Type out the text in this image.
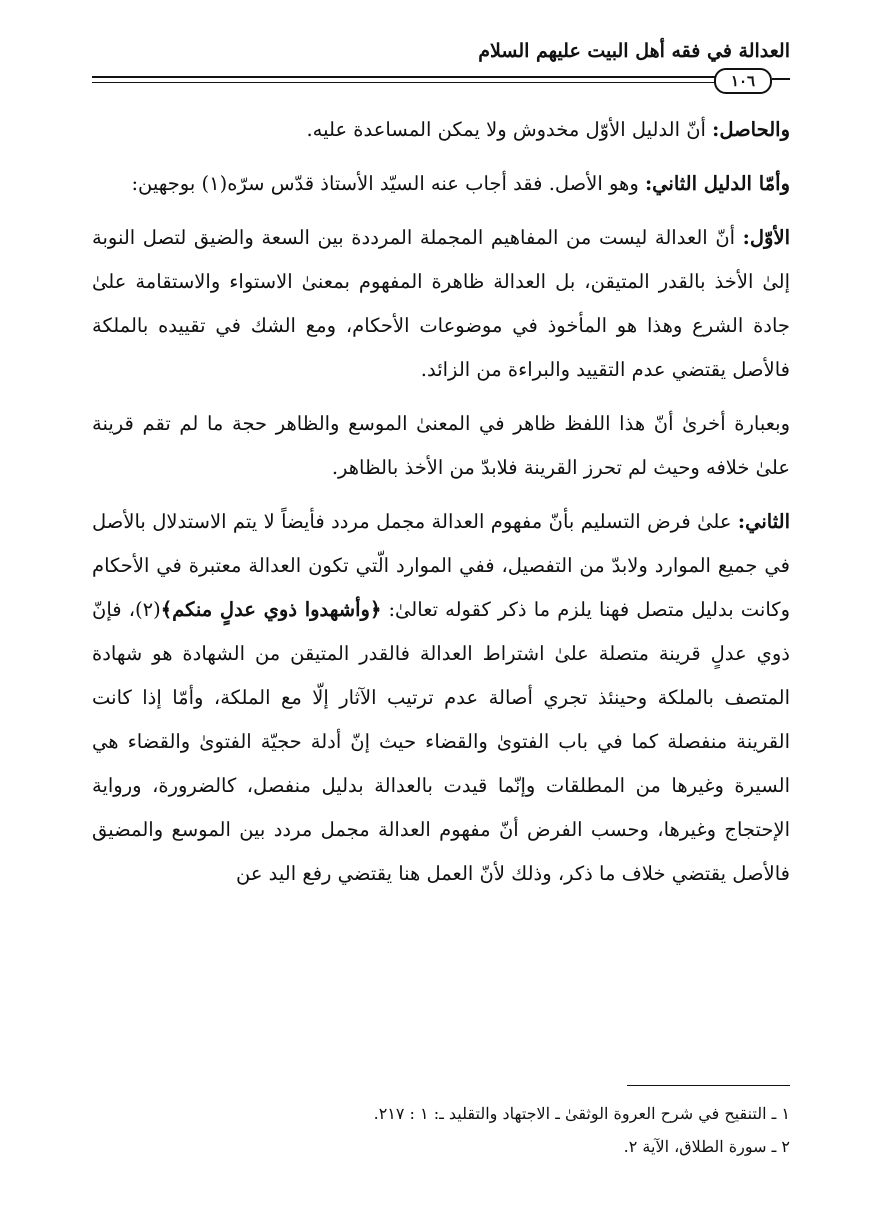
العدالة في فقه أهل البيت عليهم السلام
١٠٦

والحاصل: أنّ الدليل الأوّل مخدوش ولا يمكن المساعدة عليه.

وأمّا الدليل الثاني: وهو الأصل. فقد أجاب عنه السيّد الأستاذ قدّس سرّه(١) بوجهين:

الأوّل: أنّ العدالة ليست من المفاهيم المجملة المرددة بين السعة والضيق لتصل النوبة إلىٰ الأخذ بالقدر المتيقن، بل العدالة ظاهرة المفهوم بمعنىٰ الاستواء والاستقامة علىٰ جادة الشرع وهذا هو المأخوذ في موضوعات الأحكام، ومع الشك في تقييده بالملكة فالأصل يقتضي عدم التقييد والبراءة من الزائد.

وبعبارة أخرىٰ أنّ هذا اللفظ ظاهر في المعنىٰ الموسع والظاهر حجة ما لم تقم قرينة علىٰ خلافه وحيث لم تحرز القرينة فلابدّ من الأخذ بالظاهر.

الثاني: علىٰ فرض التسليم بأنّ مفهوم العدالة مجمل مردد فأيضاً لا يتم الاستدلال بالأصل في جميع الموارد ولابدّ من التفصيل، ففي الموارد الّتي تكون العدالة معتبرة في الأحكام وكانت بدليل متصل فهنا يلزم ما ذكر كقوله تعالىٰ: ﴿وأشهدوا ذوي عدلٍ منكم﴾(٢)، فإنّ ذوي عدلٍ قرينة متصلة علىٰ اشتراط العدالة فالقدر المتيقن من الشهادة هو شهادة المتصف بالملكة وحينئذ تجري أصالة عدم ترتيب الآثار إلّا مع الملكة، وأمّا إذا كانت القرينة منفصلة كما في باب الفتوىٰ والقضاء حيث إنّ أدلة حجيّة الفتوىٰ والقضاء هي السيرة وغيرها من المطلقات وإنّما قيدت بالعدالة بدليل منفصل، كالضرورة، ورواية الإحتجاج وغيرها، وحسب الفرض أنّ مفهوم العدالة مجمل مردد بين الموسع والمضيق فالأصل يقتضي خلاف ما ذكر، وذلك لأنّ العمل هنا يقتضي رفع اليد عن

١ ـ التنقيح في شرح العروة الوثقىٰ ـ الاجتهاد والتقليد ـ: ١ : ٢١٧.

٢ ـ سورة الطلاق، الآية ٢.
